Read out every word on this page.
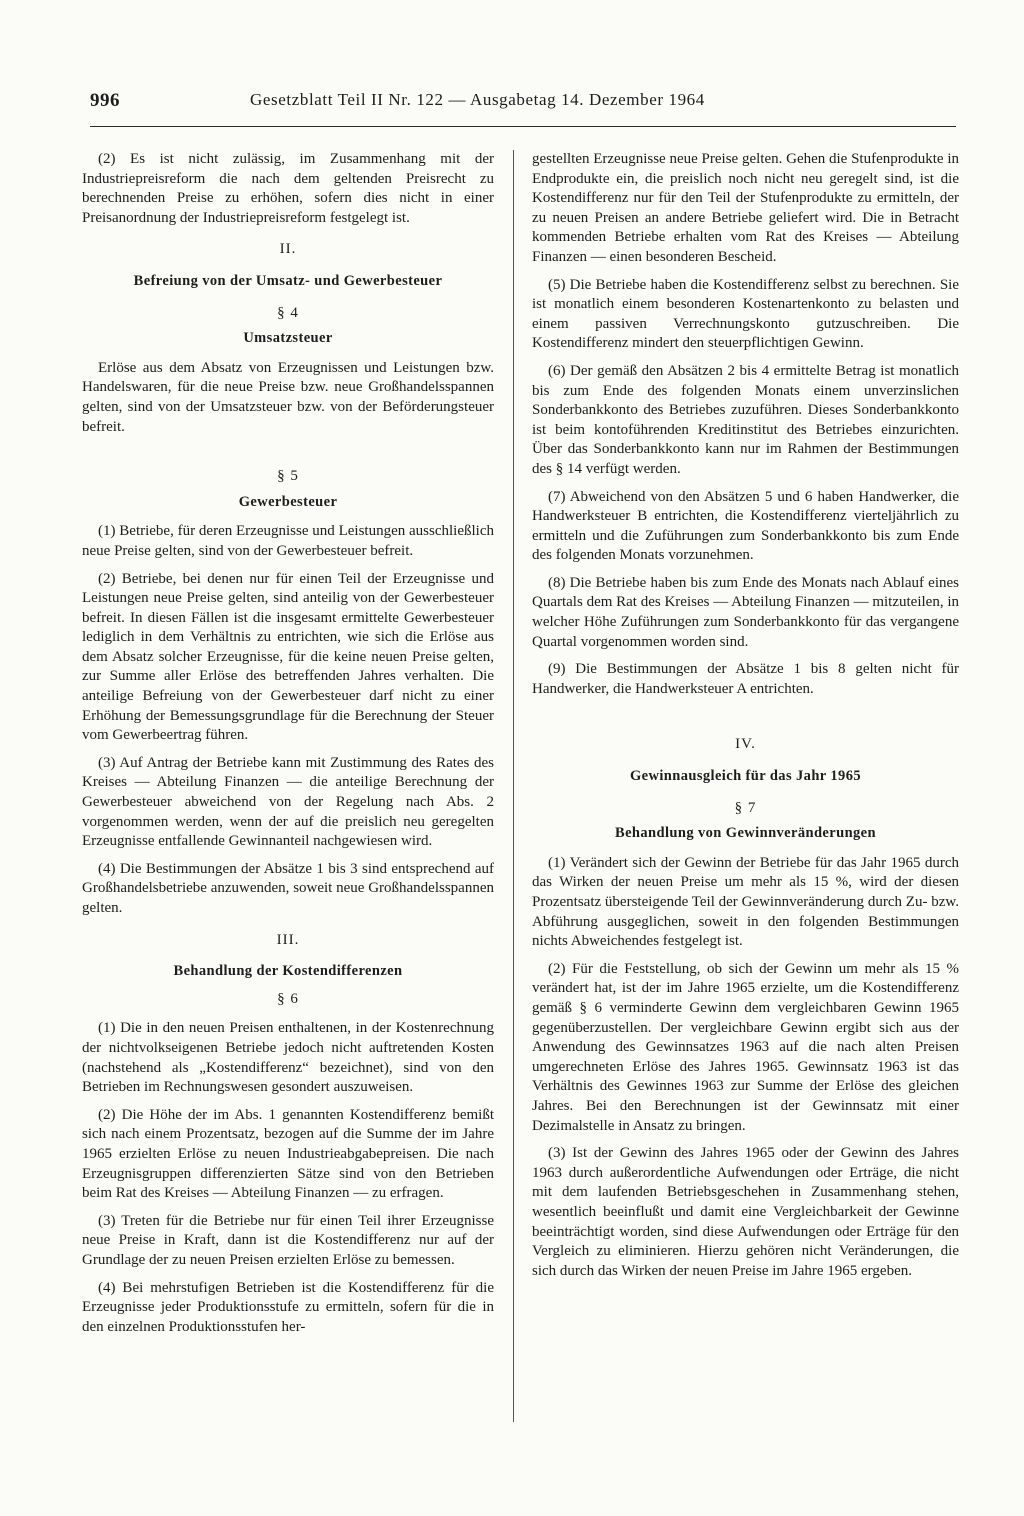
996	Gesetzblatt Teil II Nr. 122 — Ausgabetag 14. Dezember 1964

(2) Es ist nicht zulässig, im Zusammenhang mit der Industriepreisreform die nach dem geltenden Preisrecht zu berechnenden Preise zu erhöhen, sofern dies nicht in einer Preisanordnung der Industriepreisreform festgelegt ist.

II.
Befreiung von der Umsatz- und Gewerbesteuer
§ 4
Umsatzsteuer

Erlöse aus dem Absatz von Erzeugnissen und Leistungen bzw. Handelswaren, für die neue Preise bzw. neue Großhandelsspannen gelten, sind von der Umsatzsteuer bzw. von der Beförderungsteuer befreit.

§ 5
Gewerbesteuer

(1) Betriebe, für deren Erzeugnisse und Leistungen ausschließlich neue Preise gelten, sind von der Gewerbesteuer befreit.

(2) Betriebe, bei denen nur für einen Teil der Erzeugnisse und Leistungen neue Preise gelten, sind anteilig von der Gewerbesteuer befreit. In diesen Fällen ist die insgesamt ermittelte Gewerbesteuer lediglich in dem Verhältnis zu entrichten, wie sich die Erlöse aus dem Absatz solcher Erzeugnisse, für die keine neuen Preise gelten, zur Summe aller Erlöse des betreffenden Jahres verhalten. Die anteilige Befreiung von der Gewerbesteuer darf nicht zu einer Erhöhung der Bemessungsgrundlage für die Berechnung der Steuer vom Gewerbeertrag führen.

(3) Auf Antrag der Betriebe kann mit Zustimmung des Rates des Kreises — Abteilung Finanzen — die anteilige Berechnung der Gewerbesteuer abweichend von der Regelung nach Abs. 2 vorgenommen werden, wenn der auf die preislich neu geregelten Erzeugnisse entfallende Gewinnanteil nachgewiesen wird.

(4) Die Bestimmungen der Absätze 1 bis 3 sind entsprechend auf Großhandelsbetriebe anzuwenden, soweit neue Großhandelsspannen gelten.

III.
Behandlung der Kostendifferenzen
§ 6

(1) Die in den neuen Preisen enthaltenen, in der Kostenrechnung der nichtvolkseigenen Betriebe jedoch nicht auftretenden Kosten (nachstehend als „Kostendifferenz“ bezeichnet), sind von den Betrieben im Rechnungswesen gesondert auszuweisen.

(2) Die Höhe der im Abs. 1 genannten Kostendifferenz bemißt sich nach einem Prozentsatz, bezogen auf die Summe der im Jahre 1965 erzielten Erlöse zu neuen Industrieabgabepreisen. Die nach Erzeugnisgruppen differenzierten Sätze sind von den Betrieben beim Rat des Kreises — Abteilung Finanzen — zu erfragen.

(3) Treten für die Betriebe nur für einen Teil ihrer Erzeugnisse neue Preise in Kraft, dann ist die Kostendifferenz nur auf der Grundlage der zu neuen Preisen erzielten Erlöse zu bemessen.

(4) Bei mehrstufigen Betrieben ist die Kostendifferenz für die Erzeugnisse jeder Produktionsstufe zu ermitteln, sofern für die in den einzelnen Produktionsstufen her-

gestellten Erzeugnisse neue Preise gelten. Gehen die Stufenprodukte in Endprodukte ein, die preislich noch nicht neu geregelt sind, ist die Kostendifferenz nur für den Teil der Stufenprodukte zu ermitteln, der zu neuen Preisen an andere Betriebe geliefert wird. Die in Betracht kommenden Betriebe erhalten vom Rat des Kreises — Abteilung Finanzen — einen besonderen Bescheid.

(5) Die Betriebe haben die Kostendifferenz selbst zu berechnen. Sie ist monatlich einem besonderen Kostenartenkonto zu belasten und einem passiven Verrechnungskonto gutzuschreiben. Die Kostendifferenz mindert den steuerpflichtigen Gewinn.

(6) Der gemäß den Absätzen 2 bis 4 ermittelte Betrag ist monatlich bis zum Ende des folgenden Monats einem unverzinslichen Sonderbankkonto des Betriebes zuzuführen. Dieses Sonderbankkonto ist beim kontoführenden Kreditinstitut des Betriebes einzurichten. Über das Sonderbankkonto kann nur im Rahmen der Bestimmungen des § 14 verfügt werden.

(7) Abweichend von den Absätzen 5 und 6 haben Handwerker, die Handwerksteuer B entrichten, die Kostendifferenz vierteljährlich zu ermitteln und die Zuführungen zum Sonderbankkonto bis zum Ende des folgenden Monats vorzunehmen.

(8) Die Betriebe haben bis zum Ende des Monats nach Ablauf eines Quartals dem Rat des Kreises — Abteilung Finanzen — mitzuteilen, in welcher Höhe Zuführungen zum Sonderbankkonto für das vergangene Quartal vorgenommen worden sind.

(9) Die Bestimmungen der Absätze 1 bis 8 gelten nicht für Handwerker, die Handwerksteuer A entrichten.

IV.
Gewinnausgleich für das Jahr 1965
§ 7
Behandlung von Gewinnveränderungen

(1) Verändert sich der Gewinn der Betriebe für das Jahr 1965 durch das Wirken der neuen Preise um mehr als 15 %, wird der diesen Prozentsatz übersteigende Teil der Gewinnveränderung durch Zu- bzw. Abführung ausgeglichen, soweit in den folgenden Bestimmungen nichts Abweichendes festgelegt ist.

(2) Für die Feststellung, ob sich der Gewinn um mehr als 15 % verändert hat, ist der im Jahre 1965 erzielte, um die Kostendifferenz gemäß § 6 verminderte Gewinn dem vergleichbaren Gewinn 1965 gegenüberzustellen. Der vergleichbare Gewinn ergibt sich aus der Anwendung des Gewinnsatzes 1963 auf die nach alten Preisen umgerechneten Erlöse des Jahres 1965. Gewinnsatz 1963 ist das Verhältnis des Gewinnes 1963 zur Summe der Erlöse des gleichen Jahres. Bei den Berechnungen ist der Gewinnsatz mit einer Dezimalstelle in Ansatz zu bringen.

(3) Ist der Gewinn des Jahres 1965 oder der Gewinn des Jahres 1963 durch außerordentliche Aufwendungen oder Erträge, die nicht mit dem laufenden Betriebsgeschehen in Zusammenhang stehen, wesentlich beeinflußt und damit eine Vergleichbarkeit der Gewinne beeinträchtigt worden, sind diese Aufwendungen oder Erträge für den Vergleich zu eliminieren. Hierzu gehören nicht Veränderungen, die sich durch das Wirken der neuen Preise im Jahre 1965 ergeben.
